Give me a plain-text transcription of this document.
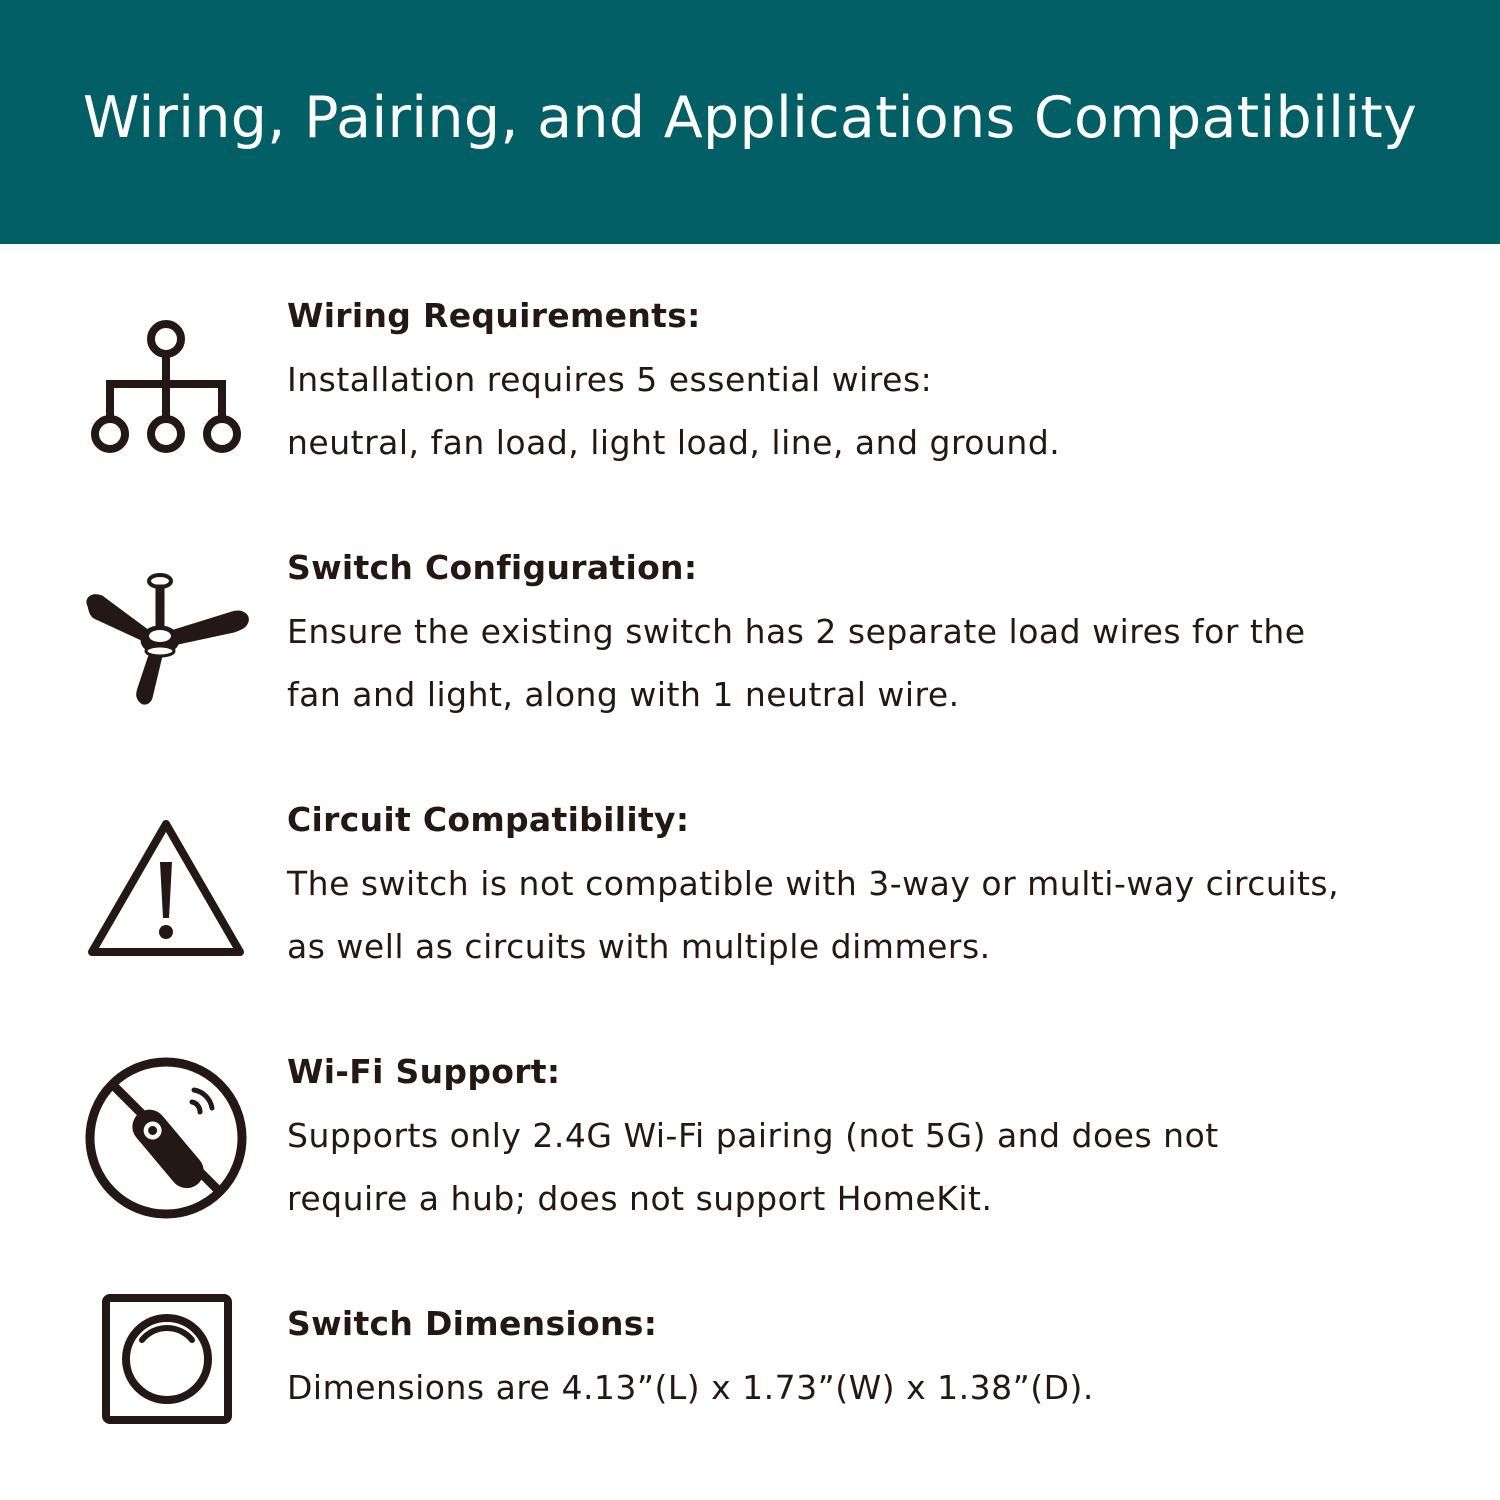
Wiring, Pairing, and Applications Compatibility

Wiring Requirements:

Installation requires 5 essential wires:

neutral, fan load, light load, line, and ground.

Switch Configuration:

Ensure the existing switch has 2 separate load wires for the

fan and light, along with 1 neutral wire.

Circuit Compatibility:

The switch is not compatible with 3-way or multi-way circuits,

as well as circuits with multiple dimmers.

Wi-Fi Support:

Supports only 2.4G Wi-Fi pairing (not 5G) and does not

require a hub; does not support HomeKit.

Switch Dimensions:

Dimensions are 4.13”(L) x 1.73”(W) x 1.38”(D).
